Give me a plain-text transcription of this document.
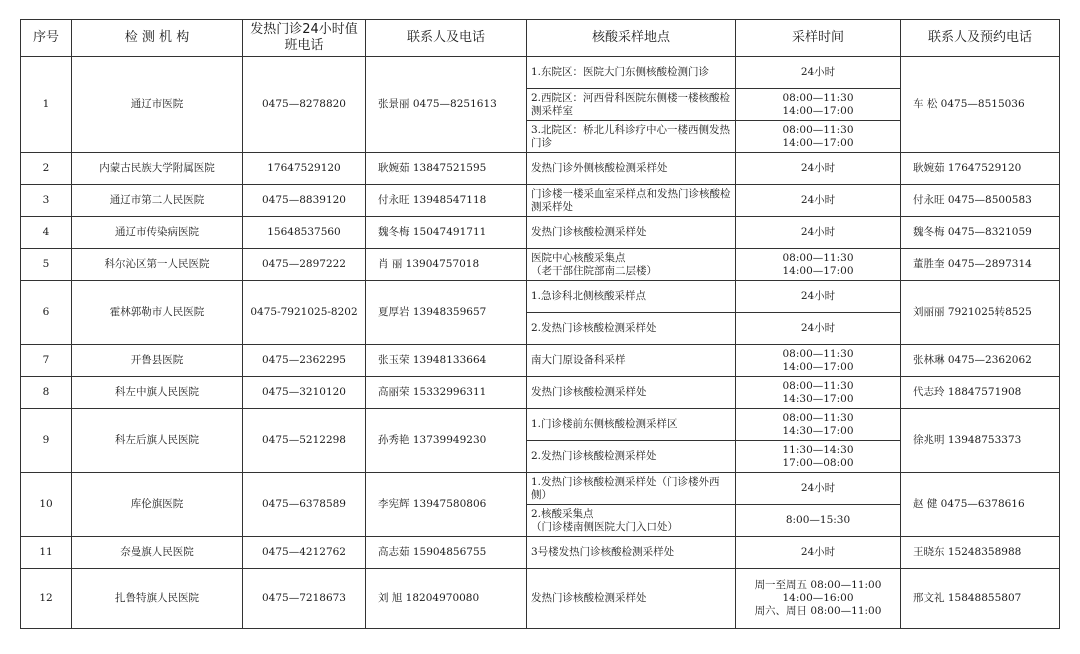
序号	检 测 机 构	发热门诊24小时值班电话	联系人及电话	核酸采样地点	采样时间	联系人及预约电话
1	通辽市医院	0475—8278820	张景丽 0475—8251613	1.东院区：医院大门东侧核酸检测门诊	24小时	车 松 0475—8515036
				2.西院区：河西骨科医院东侧楼一楼核酸检测采样室	08:00—11:30
14:00—17:00	
				3.北院区：桥北儿科诊疗中心一楼西侧发热门诊	08:00—11:30
14:00—17:00	
2	内蒙古民族大学附属医院	17647529120	耿婉茹 13847521595	发热门诊外侧核酸检测采样处	24小时	耿婉茹 17647529120
3	通辽市第二人民医院	0475—8839120	付永旺 13948547118	门诊楼一楼采血室采样点和发热门诊核酸检测采样处	24小时	付永旺 0475—8500583
4	通辽市传染病医院	15648537560	魏冬梅 15047491711	发热门诊核酸检测采样处	24小时	魏冬梅 0475—8321059
5	科尔沁区第一人民医院	0475—2897222	肖 丽 13904757018	医院中心核酸采集点
（老干部住院部南二层楼）	08:00—11:30
14:00—17:00	董胜奎 0475—2897314
6	霍林郭勒市人民医院	0475-7921025-8202	夏厚岩 13948359657	1.急诊科北侧核酸采样点	24小时	刘丽丽 7921025转8525
				2.发热门诊核酸检测采样处	24小时	
7	开鲁县医院	0475—2362295	张玉荣 13948133664	南大门原设备科采样	08:00—11:30
14:00—17:00	张林琳 0475—2362062
8	科左中旗人民医院	0475—3210120	高丽荣 15332996311	发热门诊核酸检测采样处	08:00—11:30
14:30—17:00	代志玲 18847571908
9	科左后旗人民医院	0475—5212298	孙秀艳 13739949230	1.门诊楼前东侧核酸检测采样区	08:00—11:30
14:30—17:00	徐兆明 13948753373
				2.发热门诊核酸检测采样处	11:30—14:30
17:00—08:00	
10	库伦旗医院	0475—6378589	李宪辉 13947580806	1.发热门诊核酸检测采样处（门诊楼外西侧）	24小时	赵 健 0475—6378616
				2.核酸采集点
（门诊楼南侧医院大门入口处）	8:00—15:30	
11	奈曼旗人民医院	0475—4212762	高志茹 15904856755	3号楼发热门诊核酸检测采样处	24小时	王晓东 15248358988
12	扎鲁特旗人民医院	0475—7218673	刘 旭 18204970080	发热门诊核酸检测采样处	周一至周五 08:00—11:00
14:00—16:00
周六、周日 08:00—11:00	邢文礼 15848855807
